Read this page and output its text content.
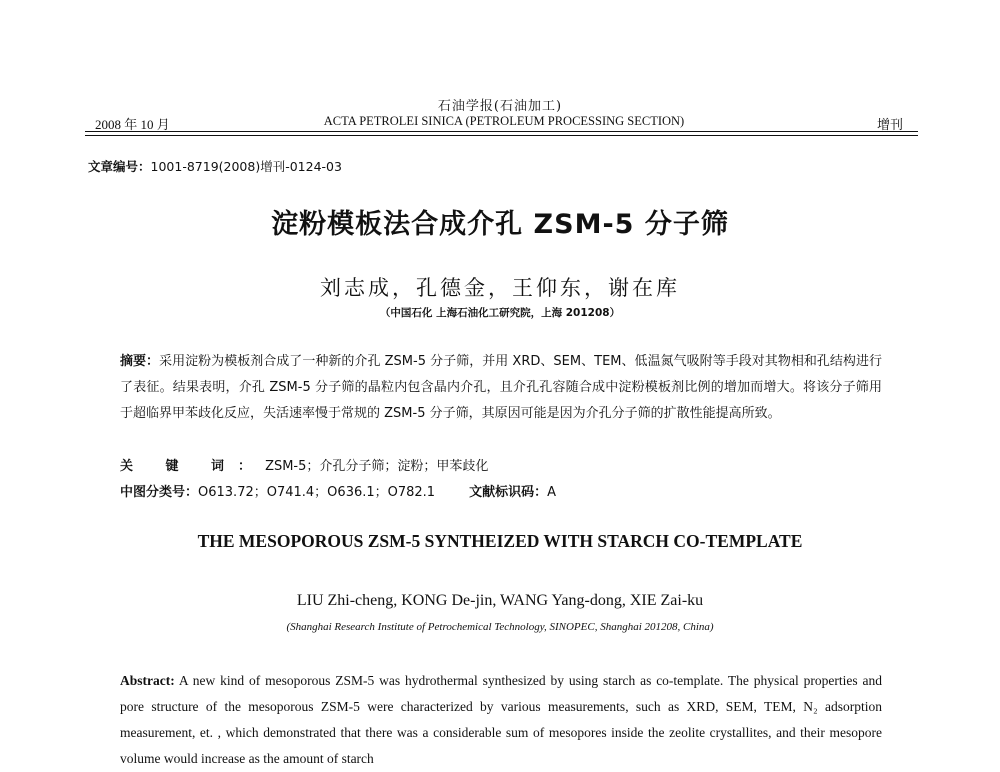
石油学报(石油加工)
2008 年 10 月	ACTA PETROLEI SINICA (PETROLEUM PROCESSING SECTION)	增刊
文章编号：1001-8719(2008)增刊-0124-03
淀粉模板法合成介孔 ZSM-5 分子筛
刘志成，孔德金，王仰东，谢在库
（中国石化 上海石油化工研究院，上海 201208）
摘要：采用淀粉为模板剂合成了一种新的介孔 ZSM-5 分子筛，并用 XRD、SEM、TEM、低温氮气吸附等手段对其物相和孔结构进行了表征。结果表明，介孔 ZSM-5 分子筛的晶粒内包含晶内介孔，且介孔孔容随合成中淀粉模板剂比例的增加而增大。将该分子筛用于超临界甲苯歧化反应，失活速率慢于常规的 ZSM-5 分子筛，其原因可能是因为介孔分子筛的扩散性能提高所致。
关 键 词：ZSM-5；介孔分子筛；淀粉；甲苯歧化
中图分类号：O613.72；O741.4；O636.1；O782.1	文献标识码：A
THE MESOPOROUS ZSM-5 SYNTHEIZED WITH STARCH CO-TEMPLATE
LIU Zhi-cheng, KONG De-jin, WANG Yang-dong, XIE Zai-ku
(Shanghai Research Institute of Petrochemical Technology, SINOPEC, Shanghai 201208, China)
Abstract: A new kind of mesoporous ZSM-5 was hydrothermal synthesized by using starch as co-template. The physical properties and pore structure of the mesoporous ZSM-5 were characterized by various measurements, such as XRD, SEM, TEM, N₂ adsorption measurement, et. , which demonstrated that there was a considerable sum of mesopores inside the zeolite crystallites, and their mesopore volume would increase as the amount of starch
